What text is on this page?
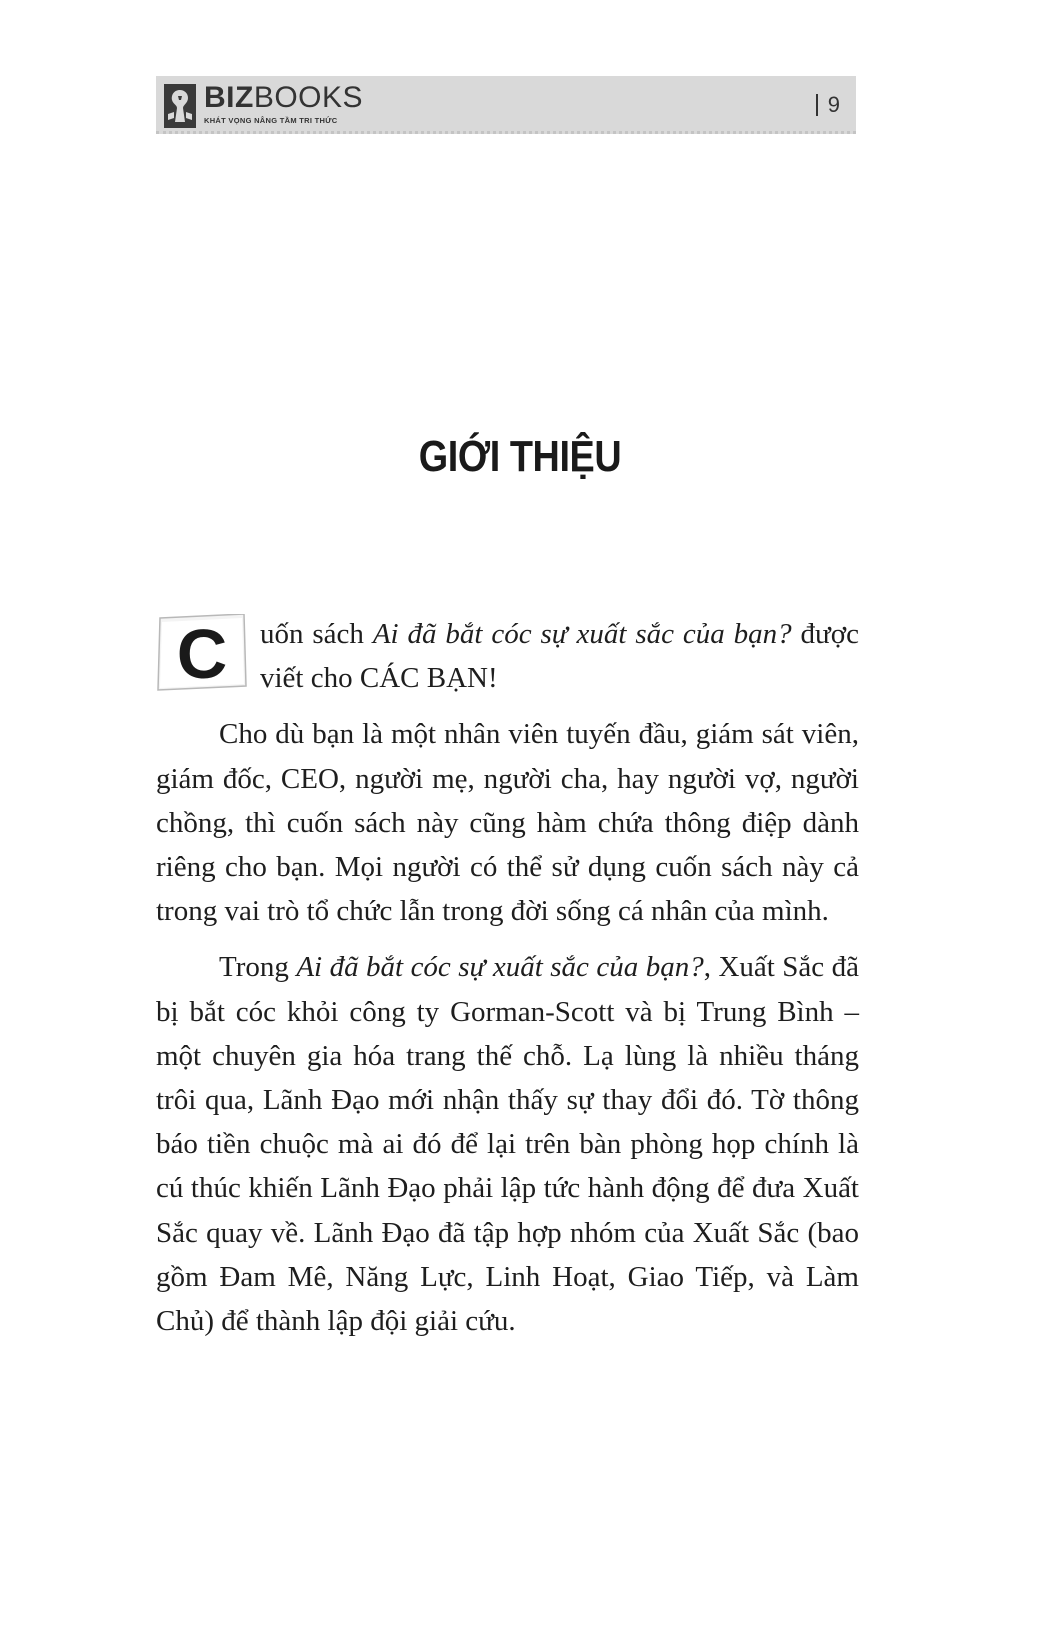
BIZBOOKS
KHÁT VỌNG NÂNG TẦM TRI THỨC
9
GIỚI THIỆU

C uốn sách Ai đã bắt cóc sự xuất sắc của bạn? được viết cho CÁC BẠN!

Cho dù bạn là một nhân viên tuyến đầu, giám sát viên, giám đốc, CEO, người mẹ, người cha, hay người vợ, người chồng, thì cuốn sách này cũng hàm chứa thông điệp dành riêng cho bạn. Mọi người có thể sử dụng cuốn sách này cả trong vai trò tổ chức lẫn trong đời sống cá nhân của mình.

Trong Ai đã bắt cóc sự xuất sắc của bạn?, Xuất Sắc đã bị bắt cóc khỏi công ty Gorman-Scott và bị Trung Bình – một chuyên gia hóa trang thế chỗ. Lạ lùng là nhiều tháng trôi qua, Lãnh Đạo mới nhận thấy sự thay đổi đó. Tờ thông báo tiền chuộc mà ai đó để lại trên bàn phòng họp chính là cú thúc khiến Lãnh Đạo phải lập tức hành động để đưa Xuất Sắc quay về. Lãnh Đạo đã tập hợp nhóm của Xuất Sắc (bao gồm Đam Mê, Năng Lực, Linh Hoạt, Giao Tiếp, và Làm Chủ) để thành lập đội giải cứu.
